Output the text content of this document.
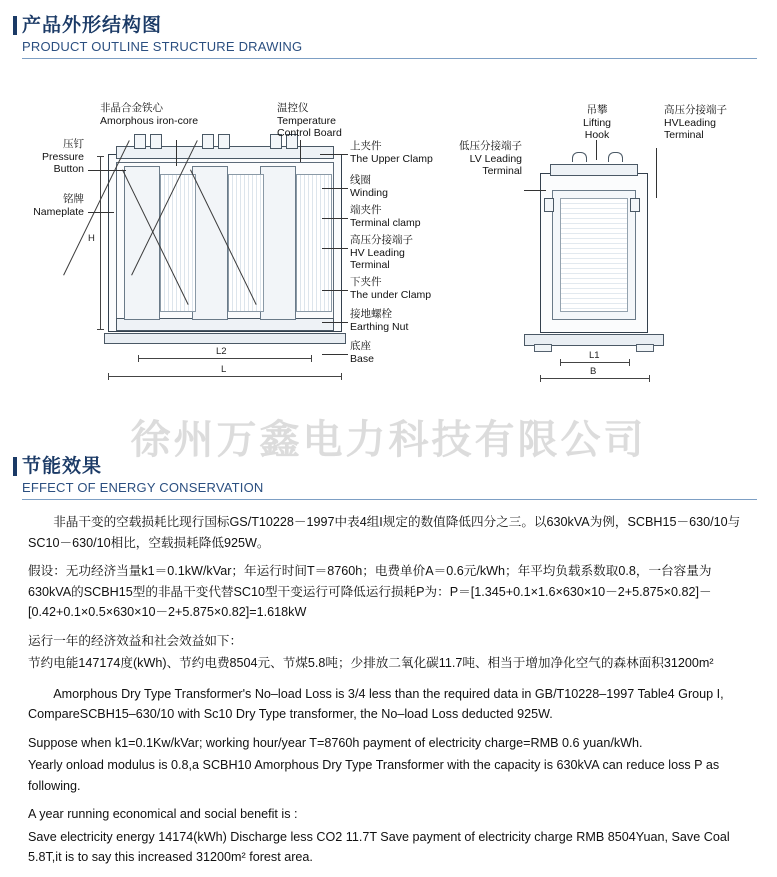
产品外形结构图
PRODUCT OUTLINE STRUCTURE DRAWING
H
L2
L
L1
B
压钉
Pressure
Button
铭牌
Nameplate
非晶合金铁心
Amorphous iron-core
温控仪
Temperature
Control Board
上夹件
The Upper Clamp
线圈
Winding
端夹件
Terminal clamp
高压分接端子
HV Leading
Terminal
下夹件
The under Clamp
接地螺栓
Earthing Nut
底座
Base
低压分接端子
LV Leading
Terminal
吊攀
Lifting
Hook
高压分接端子
HVLeading
Terminal
徐州万鑫电力科技有限公司
节能效果
EFFECT OF ENERGY CONSERVATION

非晶干变的空载损耗比现行国标GS/T10228－1997中表4组I规定的数值降低四分之三。以630kVA为例，SCBH15－630/10与SC10－630/10相比，空载损耗降低925W。

假设：无功经济当量k1＝0.1kW/kVar；年运行时间T＝8760h；电费单价A＝0.6元/kWh；年平均负载系数取0.8，一台容量为630kVA的SCBH15型的非晶干变代替SC10型干变运行可降低运行损耗P为：P＝[1.345+0.1×1.6×630×10－2+5.875×0.82]－[0.42+0.1×0.5×630×10－2+5.875×0.82]=1.618kW

运行一年的经济效益和社会效益如下：

节约电能147174度(kWh)、节约电费8504元、节煤5.8吨；少排放二氧化碳11.7吨、相当于增加净化空气的森林面积31200m²

Amorphous Dry Type Transformer's No–load Loss is 3/4 less than the required data in GB/T10228–1997 Table4 Group I, CompareSCBH15–630/10 with Sc10 Dry Type transformer, the No–load Loss deducted 925W.

Suppose when k1=0.1Kw/kVar; working hour/year T=8760h payment of electricity charge=RMB 0.6 yuan/kWh.

Yearly onload modulus is 0.8,a SCBH10 Amorphous Dry Type Transformer with the capacity is 630kVA can reduce loss P as following.

A year running economical and social benefit is :

Save electricity energy 14174(kWh) Discharge less CO2 11.7T Save payment of electricity charge RMB 8504Yuan, Save Coal 5.8T,it is to say this increased 31200m² forest area.
